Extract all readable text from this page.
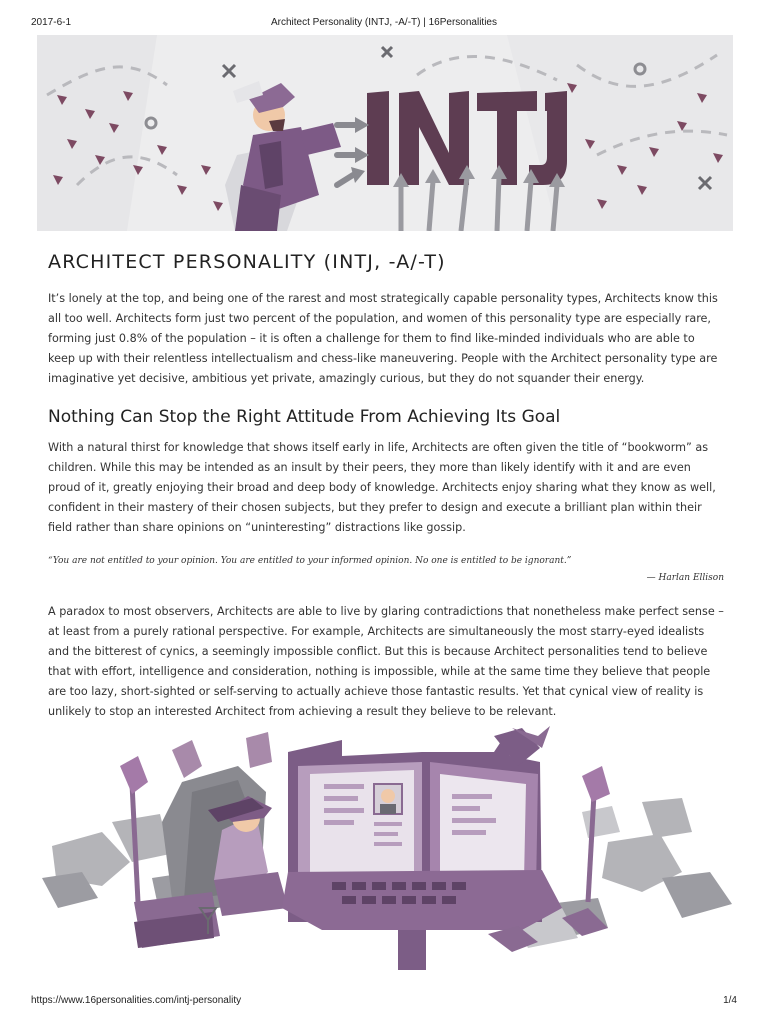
2017-6-1	Architect Personality (INTJ, -A/-T) | 16Personalities
ARCHITECT PERSONALITY (INTJ, -A/-T)

It’s lonely at the top, and being one of the rarest and most strategically capable personality types, Architects know this all too well. Architects form just two percent of the population, and women of this personality type are especially rare, forming just 0.8% of the population – it is often a challenge for them to find like-minded individuals who are able to keep up with their relentless intellectualism and chess-like maneuvering. People with the Architect personality type are imaginative yet decisive, ambitious yet private, amazingly curious, but they do not squander their energy.

Nothing Can Stop the Right Attitude From Achieving Its Goal

With a natural thirst for knowledge that shows itself early in life, Architects are often given the title of “bookworm” as children. While this may be intended as an insult by their peers, they more than likely identify with it and are even proud of it, greatly enjoying their broad and deep body of knowledge. Architects enjoy sharing what they know as well, confident in their mastery of their chosen subjects, but they prefer to design and execute a brilliant plan within their field rather than share opinions on “uninteresting” distractions like gossip.

“You are not entitled to your opinion. You are entitled to your informed opinion. No one is entitled to be ignorant.”

— Harlan Ellison

A paradox to most observers, Architects are able to live by glaring contradictions that nonetheless make perfect sense – at least from a purely rational perspective. For example, Architects are simultaneously the most starry-eyed idealists and the bitterest of cynics, a seemingly impossible conflict. But this is because Architect personalities tend to believe that with effort, intelligence and consideration, nothing is impossible, while at the same time they believe that people are too lazy, short-sighted or self-serving to actually achieve those fantastic results. Yet that cynical view of reality is unlikely to stop an interested Architect from achieving a result they believe to be relevant.

https://www.16personalities.com/intj-personality	1/4
